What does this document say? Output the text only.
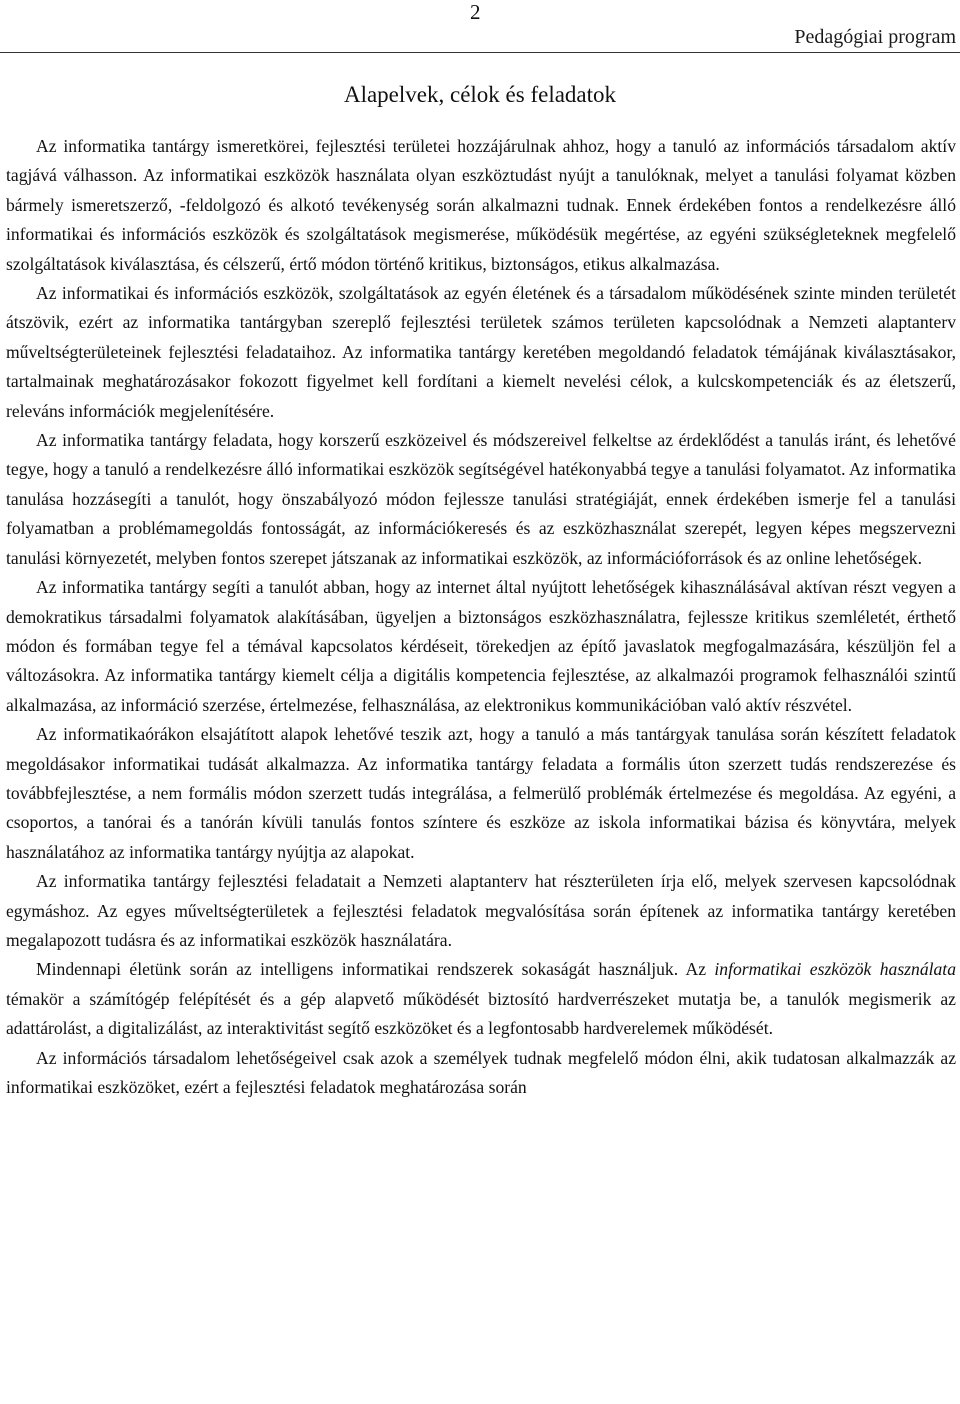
2
Pedagógiai program
Alapelvek, célok és feladatok

Az informatika tantárgy ismeretkörei, fejlesztési területei hozzájárulnak ahhoz, hogy a tanuló az információs társadalom aktív tagjává válhasson. Az informatikai eszközök használata olyan eszköztudást nyújt a tanulóknak, melyet a tanulási folyamat közben bármely ismeretszerző, -feldolgozó és alkotó tevékenység során alkalmazni tudnak. Ennek érdekében fontos a rendelkezésre álló informatikai és információs eszközök és szolgáltatások megismerése, működésük megértése, az egyéni szükségleteknek megfelelő szolgáltatások kiválasztása, és célszerű, értő módon történő kritikus, biztonságos, etikus alkalmazása.

Az informatikai és információs eszközök, szolgáltatások az egyén életének és a társadalom működésének szinte minden területét átszövik, ezért az informatika tantárgyban szereplő fejlesztési területek számos területen kapcsolódnak a Nemzeti alaptanterv műveltségterületeinek fejlesztési feladataihoz. Az informatika tantárgy keretében megoldandó feladatok témájának kiválasztásakor, tartalmainak meghatározásakor fokozott figyelmet kell fordítani a kiemelt nevelési célok, a kulcskompetenciák és az életszerű, releváns információk megjelenítésére.

Az informatika tantárgy feladata, hogy korszerű eszközeivel és módszereivel felkeltse az érdeklődést a tanulás iránt, és lehetővé tegye, hogy a tanuló a rendelkezésre álló informatikai eszközök segítségével hatékonyabbá tegye a tanulási folyamatot. Az informatika tanulása hozzásegíti a tanulót, hogy önszabályozó módon fejlessze tanulási stratégiáját, ennek érdekében ismerje fel a tanulási folyamatban a problémamegoldás fontosságát, az információkeresés és az eszközhasználat szerepét, legyen képes megszervezni tanulási környezetét, melyben fontos szerepet játszanak az informatikai eszközök, az információforrások és az online lehetőségek.

Az informatika tantárgy segíti a tanulót abban, hogy az internet által nyújtott lehetőségek kihasználásával aktívan részt vegyen a demokratikus társadalmi folyamatok alakításában, ügyeljen a biztonságos eszközhasználatra, fejlessze kritikus szemléletét, érthető módon és formában tegye fel a témával kapcsolatos kérdéseit, törekedjen az építő javaslatok megfogalmazására, készüljön fel a változásokra. Az informatika tantárgy kiemelt célja a digitális kompetencia fejlesztése, az alkalmazói programok felhasználói szintű alkalmazása, az információ szerzése, értelmezése, felhasználása, az elektronikus kommunikációban való aktív részvétel.

Az informatikaórákon elsajátított alapok lehetővé teszik azt, hogy a tanuló a más tantárgyak tanulása során készített feladatok megoldásakor informatikai tudását alkalmazza. Az informatika tantárgy feladata a formális úton szerzett tudás rendszerezése és továbbfejlesztése, a nem formális módon szerzett tudás integrálása, a felmerülő problémák értelmezése és megoldása. Az egyéni, a csoportos, a tanórai és a tanórán kívüli tanulás fontos színtere és eszköze az iskola informatikai bázisa és könyvtára, melyek használatához az informatika tantárgy nyújtja az alapokat.

Az informatika tantárgy fejlesztési feladatait a Nemzeti alaptanterv hat részterületen írja elő, melyek szervesen kapcsolódnak egymáshoz. Az egyes műveltségterületek a fejlesztési feladatok megvalósítása során építenek az informatika tantárgy keretében megalapozott tudásra és az informatikai eszközök használatára.

Mindennapi életünk során az intelligens informatikai rendszerek sokaságát használjuk. Az informatikai eszközök használata témakör a számítógép felépítését és a gép alapvető működését biztosító hardverrészeket mutatja be, a tanulók megismerik az adattárolást, a digitalizálást, az interaktivitást segítő eszközöket és a legfontosabb hardverelemek működését.

Az információs társadalom lehetőségeivel csak azok a személyek tudnak megfelelő módon élni, akik tudatosan alkalmazzák az informatikai eszközöket, ezért a fejlesztési feladatok meghatározása során
